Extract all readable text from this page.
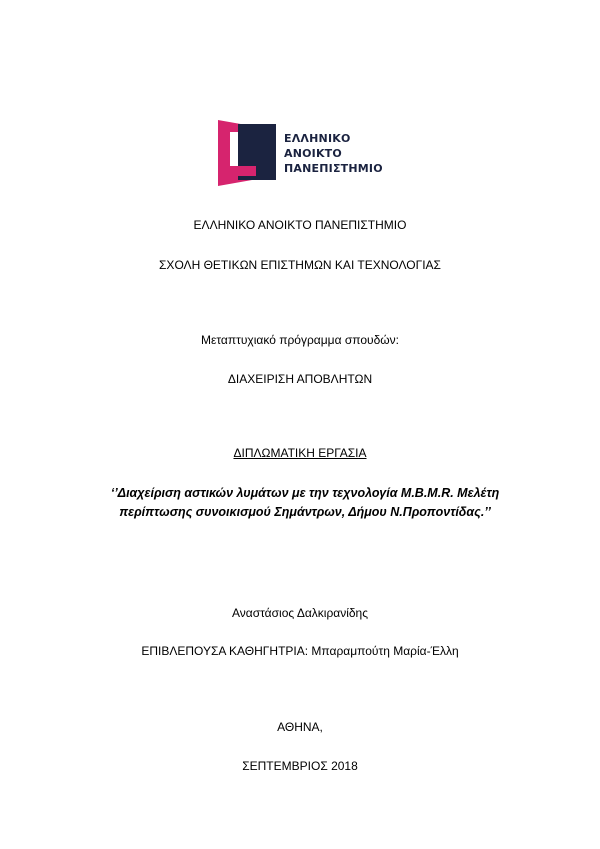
ΕΛΛΗΝΙΚΟ
ΑΝΟΙΚΤΟ
ΠΑΝΕΠΙΣΤΗΜΙΟ
ΕΛΛΗΝΙΚΟ ΑΝΟΙΚΤΟ ΠΑΝΕΠΙΣΤΗΜΙΟ
ΣΧΟΛΗ ΘΕΤΙΚΩΝ ΕΠΙΣΤΗΜΩΝ ΚΑΙ ΤΕΧΝΟΛΟΓΙΑΣ
Μεταπτυχιακό πρόγραμμα σπουδών:
ΔΙΑΧΕΙΡΙΣΗ ΑΠΟΒΛΗΤΩΝ
ΔΙΠΛΩΜΑΤΙΚΗ ΕΡΓΑΣΙΑ
‘’Διαχείριση αστικών λυμάτων με την τεχνολογία M.B.M.R. Μελέτη
περίπτωσης συνοικισμού Σημάντρων, Δήμου Ν.Προποντίδας.’’
Αναστάσιος Δαλκιρανίδης
ΕΠΙΒΛΕΠΟΥΣΑ ΚΑΘΗΓΗΤΡΙΑ: Μπαραμπούτη Μαρία-Έλλη
ΑΘΗΝΑ,
ΣΕΠΤΕΜΒΡΙΟΣ 2018
